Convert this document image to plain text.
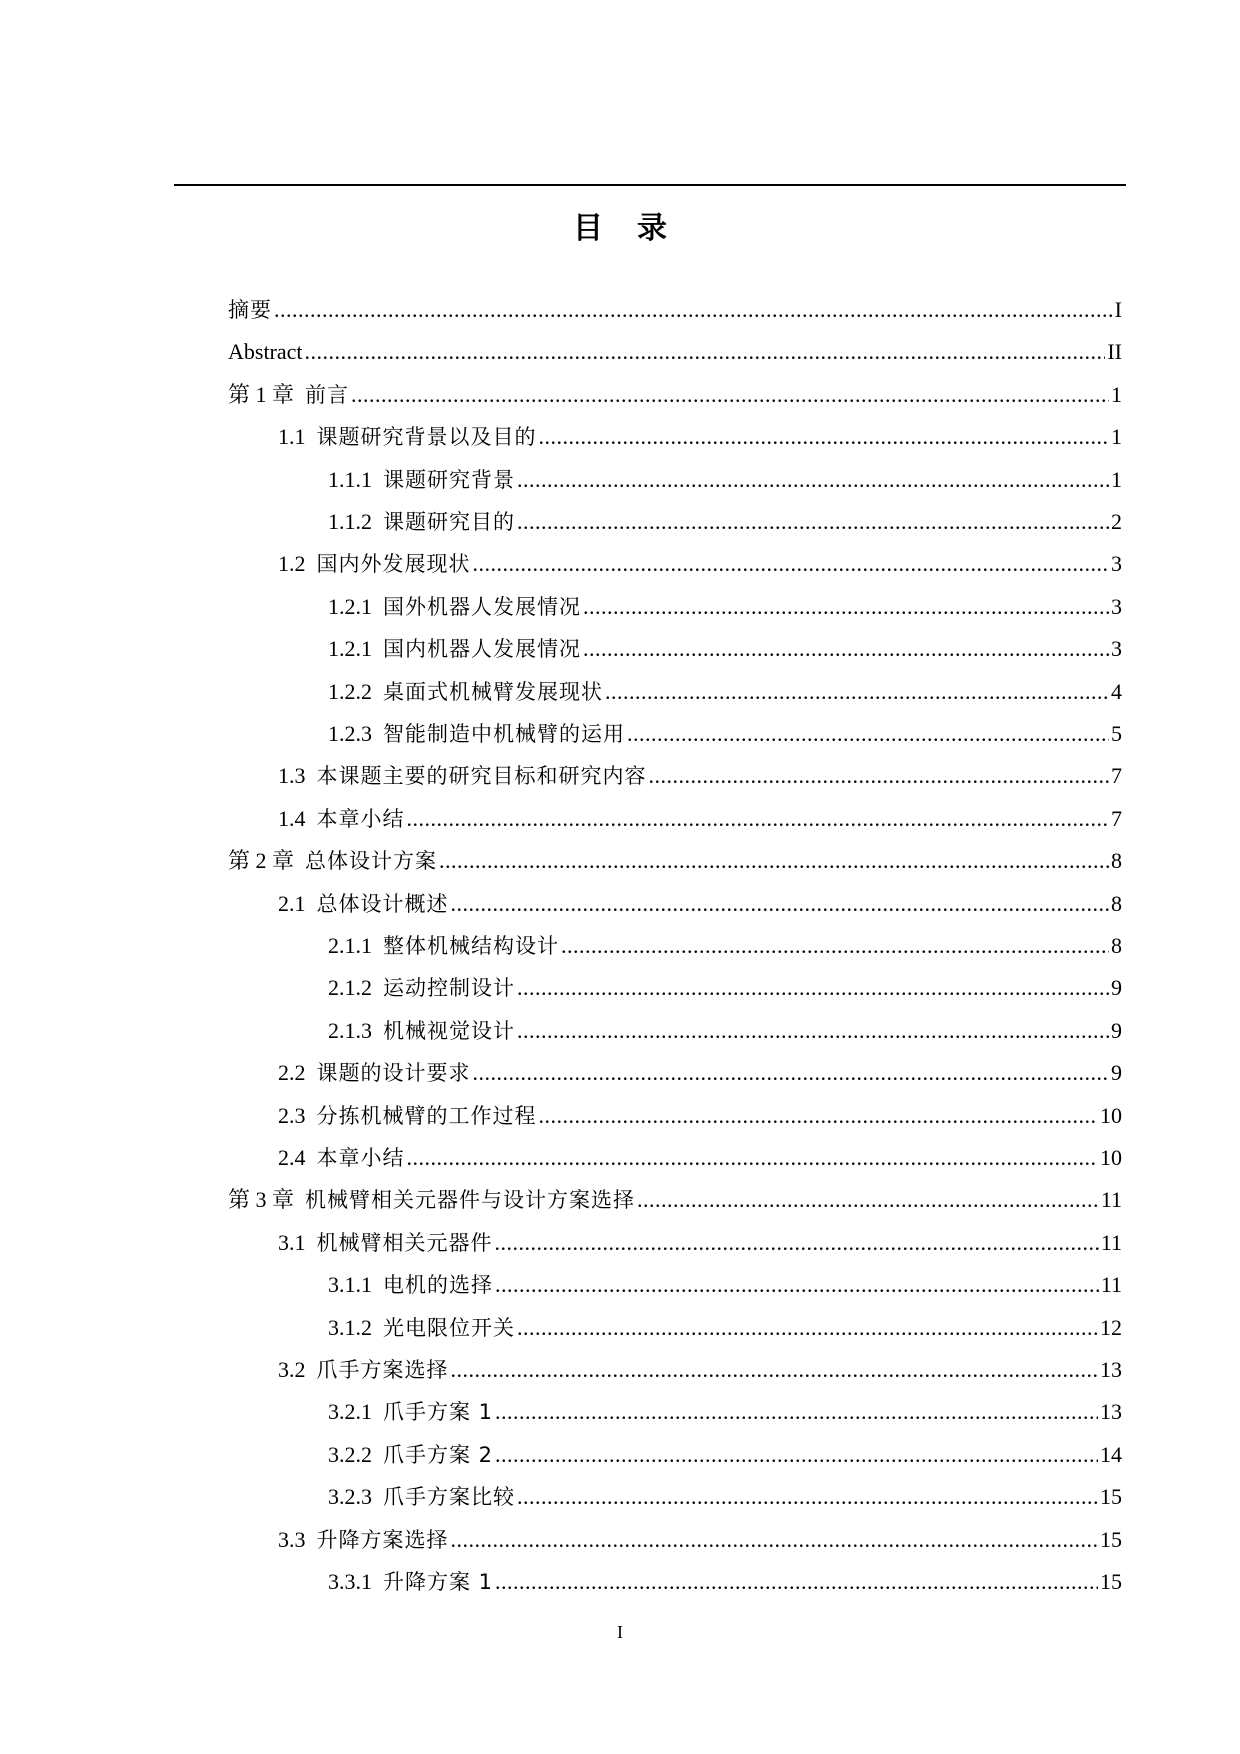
目 录
摘要 .....	I
Abstract .....	II
第 1 章 前言 .....	1
1.1 课题研究背景以及目的 .....	1
1.1.1 课题研究背景 .....	1
1.1.2 课题研究目的 .....	2
1.2 国内外发展现状 .....	3
1.2.1 国外机器人发展情况 .....	3
1.2.1 国内机器人发展情况 .....	3
1.2.2 桌面式机械臂发展现状 .....	4
1.2.3 智能制造中机械臂的运用 .....	5
1.3 本课题主要的研究目标和研究内容 .....	7
1.4 本章小结 .....	7
第 2 章 总体设计方案 .....	8
2.1 总体设计概述 .....	8
2.1.1 整体机械结构设计 .....	8
2.1.2 运动控制设计 .....	9
2.1.3 机械视觉设计 .....	9
2.2 课题的设计要求 .....	9
2.3 分拣机械臂的工作过程 .....	10
2.4 本章小结 .....	10
第 3 章 机械臂相关元器件与设计方案选择 .....	11
3.1 机械臂相关元器件 .....	11
3.1.1 电机的选择 .....	11
3.1.2 光电限位开关 .....	12
3.2 爪手方案选择 .....	13
3.2.1 爪手方案 1 .....	13
3.2.2 爪手方案 2 .....	14
3.2.3 爪手方案比较 .....	15
3.3 升降方案选择 .....	15
3.3.1 升降方案 1 .....	15
I
